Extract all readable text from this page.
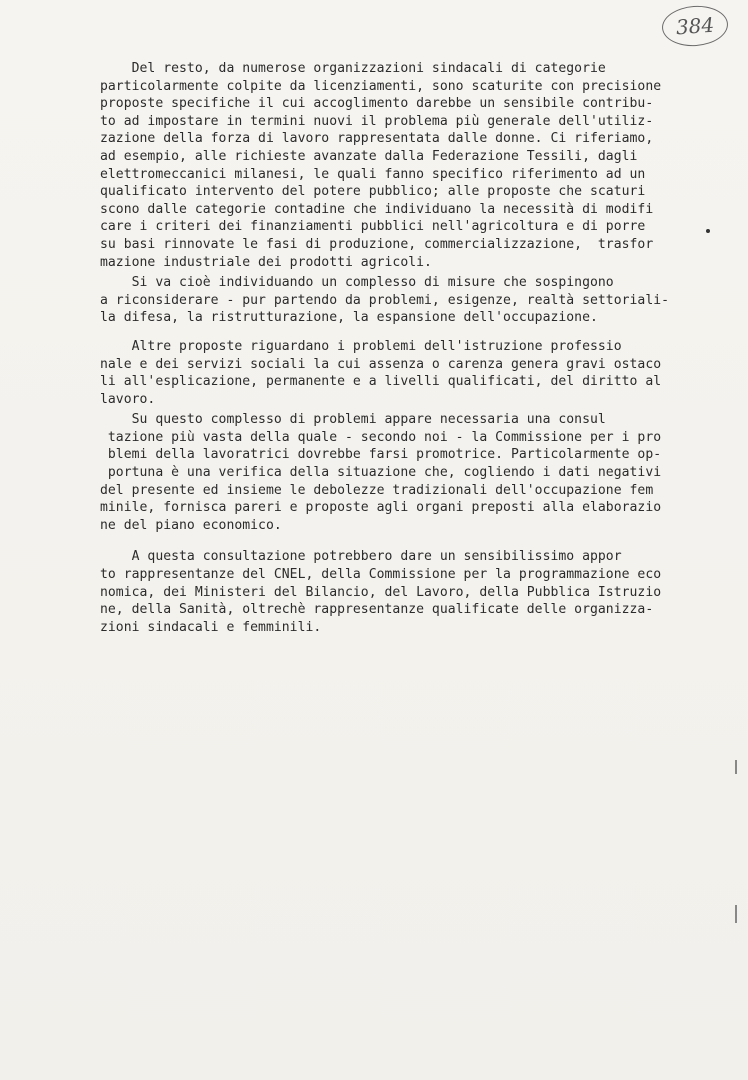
384
Del resto, da numerose organizzazioni sindacali di categorie
particolarmente colpite da licenziamenti, sono scaturite con precisione
proposte specifiche il cui accoglimento darebbe un sensibile contribu-
to ad impostare in termini nuovi il problema più generale dell'utiliz-
zazione della forza di lavoro rappresentata dalle donne. Ci riferiamo,
ad esempio, alle richieste avanzate dalla Federazione Tessili, dagli
elettromeccanici milanesi, le quali fanno specifico riferimento ad un
qualificato intervento del potere pubblico; alle proposte che scaturi
scono dalle categorie contadine che individuano la necessità di modifi
care i criteri dei finanziamenti pubblici nell'agricoltura e di porre
su basi rinnovate le fasi di produzione, commercializzazione,  trasfor
mazione industriale dei prodotti agricoli.
Si va cioè individuando un complesso di misure che sospingono
a riconsiderare - pur partendo da problemi, esigenze, realtà settoriali-
la difesa, la ristrutturazione, la espansione dell'occupazione.
Altre proposte riguardano i problemi dell'istruzione professio
nale e dei servizi sociali la cui assenza o carenza genera gravi ostaco
li all'esplicazione, permanente e a livelli qualificati, del diritto al
lavoro.
Su questo complesso di problemi appare necessaria una consul
tazione più vasta della quale - secondo noi - la Commissione per i pro
blemi della lavoratrici dovrebbe farsi promotrice. Particolarmente op-
portuna è una verifica della situazione che, cogliendo i dati negativi
del presente ed insieme le debolezze tradizionali dell'occupazione fem
minile, fornisca pareri e proposte agli organi preposti alla elaborazio
ne del piano economico.
A questa consultazione potrebbero dare un sensibilissimo appor
to rappresentanze del CNEL, della Commissione per la programmazione eco
nomica, dei Ministeri del Bilancio, del Lavoro, della Pubblica Istruzio
ne, della Sanità, oltrechè rappresentanze qualificate delle organizza-
zioni sindacali e femminili.
